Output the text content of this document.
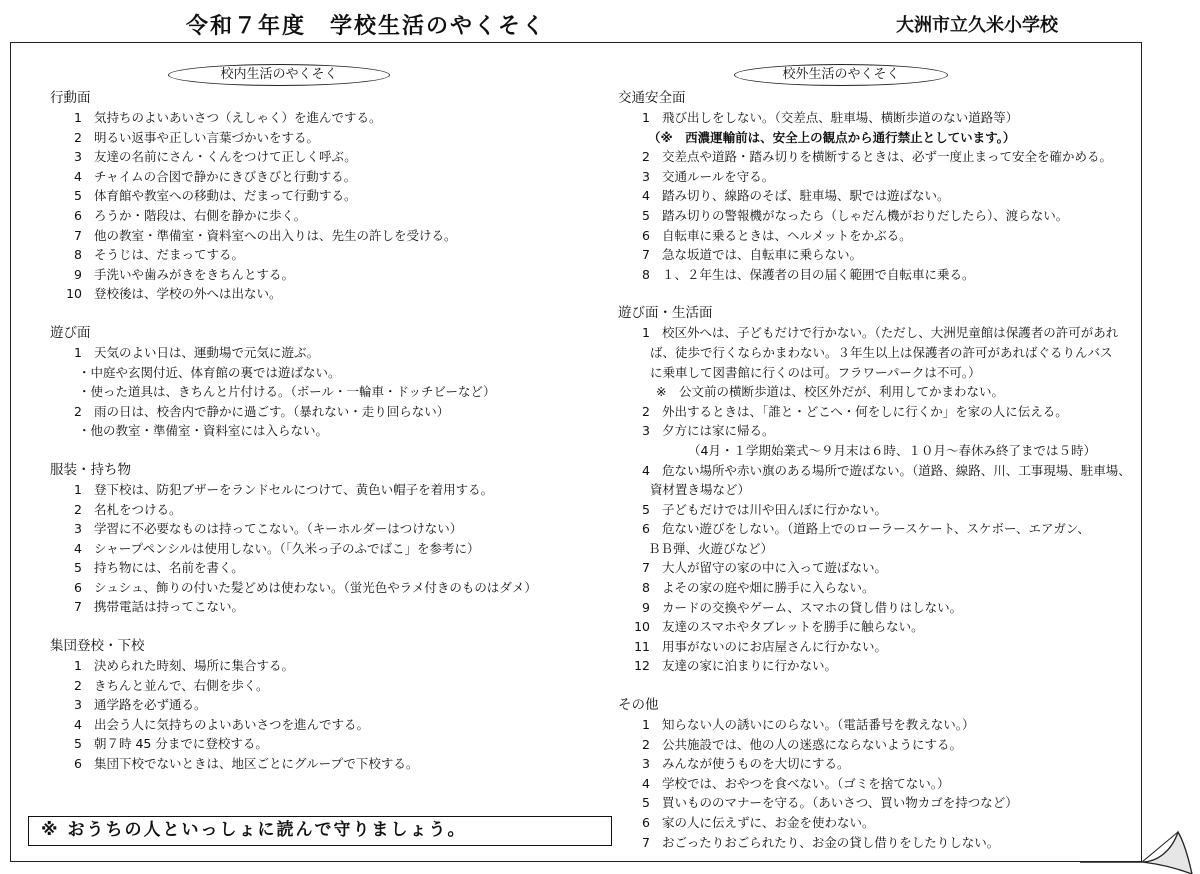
令和７年度　学校生活のやくそく	大洲市立久米小学校
校内生活のやくそく
行動面
1 気持ちのよいあいさつ（えしゃく）を進んでする。
2 明るい返事や正しい言葉づかいをする。
3 友達の名前にさん・くんをつけて正しく呼ぶ。
4 チャイムの合図で静かにきびきびと行動する。
5 体育館や教室への移動は、だまって行動する。
6 ろうか・階段は、右側を静かに歩く。
7 他の教室・準備室・資料室への出入りは、先生の許しを受ける。
8 そうじは、だまってする。
9 手洗いや歯みがきをきちんとする。
10 登校後は、学校の外へは出ない。
遊び面
1 天気のよい日は、運動場で元気に遊ぶ。
・中庭や玄関付近、体育館の裏では遊ばない。
・使った道具は、きちんと片付ける。（ボール・一輪車・ドッチビーなど）
2 雨の日は、校舎内で静かに過ごす。（暴れない・走り回らない）
・他の教室・準備室・資料室には入らない。
服装・持ち物
1 登下校は、防犯ブザーをランドセルにつけて、黄色い帽子を着用する。
2 名札をつける。
3 学習に不必要なものは持ってこない。（キーホルダーはつけない）
4 シャープペンシルは使用しない。（「久米っ子のふでばこ」を参考に）
5 持ち物には、名前を書く。
6 シュシュ、飾りの付いた髪どめは使わない。（蛍光色やラメ付きのものはダメ）
7 携帯電話は持ってこない。
集団登校・下校
1 決められた時刻、場所に集合する。
2 きちんと並んで、右側を歩く。
3 通学路を必ず通る。
4 出会う人に気持ちのよいあいさつを進んでする。
5 朝７時 45 分までに登校する。
6 集団下校でないときは、地区ごとにグループで下校する。
校外生活のやくそく
交通安全面
1 飛び出しをしない。（交差点、駐車場、横断歩道のない道路等）
（※　西濃運輸前は、安全上の観点から通行禁止としています。）
2 交差点や道路・踏み切りを横断するときは、必ず一度止まって安全を確かめる。
3 交通ルールを守る。
4 踏み切り、線路のそば、駐車場、駅では遊ばない。
5 踏み切りの警報機がなったら（しゃだん機がおりだしたら）、渡らない。
6 自転車に乗るときは、ヘルメットをかぶる。
7 急な坂道では、自転車に乗らない。
8 １、２年生は、保護者の目の届く範囲で自転車に乗る。
遊び面・生活面
1 校区外へは、子どもだけで行かない。（ただし、大洲児童館は保護者の許可があれ
ば、徒歩で行くならかまわない。３年生以上は保護者の許可があればぐるりんバス
に乗車して図書館に行くのは可。フラワーパークは不可。）
※　公文前の横断歩道は、校区外だが、利用してかまわない。
2 外出するときは、「誰と・どこへ・何をしに行くか」を家の人に伝える。
3 夕方には家に帰る。
（4月・１学期始業式～９月末は６時、１０月～春休み終了までは５時）
4 危ない場所や赤い旗のある場所で遊ばない。（道路、線路、川、工事現場、駐車場、
資材置き場など）
5 子どもだけでは川や田んぼに行かない。
6 危ない遊びをしない。（道路上でのローラースケート、スケボー、エアガン、
ＢＢ弾、火遊びなど）
7 大人が留守の家の中に入って遊ばない。
8 よその家の庭や畑に勝手に入らない。
9 カードの交換やゲーム、スマホの貸し借りはしない。
10 友達のスマホやタブレットを勝手に触らない。
11 用事がないのにお店屋さんに行かない。
12 友達の家に泊まりに行かない。
その他
1 知らない人の誘いにのらない。（電話番号を教えない。）
2 公共施設では、他の人の迷惑にならないようにする。
3 みんなが使うものを大切にする。
4 学校では、おやつを食べない。（ゴミを捨てない。）
5 買いもののマナーを守る。（あいさつ、買い物カゴを持つなど）
6 家の人に伝えずに、お金を使わない。
7 おごったりおごられたり、お金の貸し借りをしたりしない。
※ おうちの人といっしょに読んで守りましょう。
